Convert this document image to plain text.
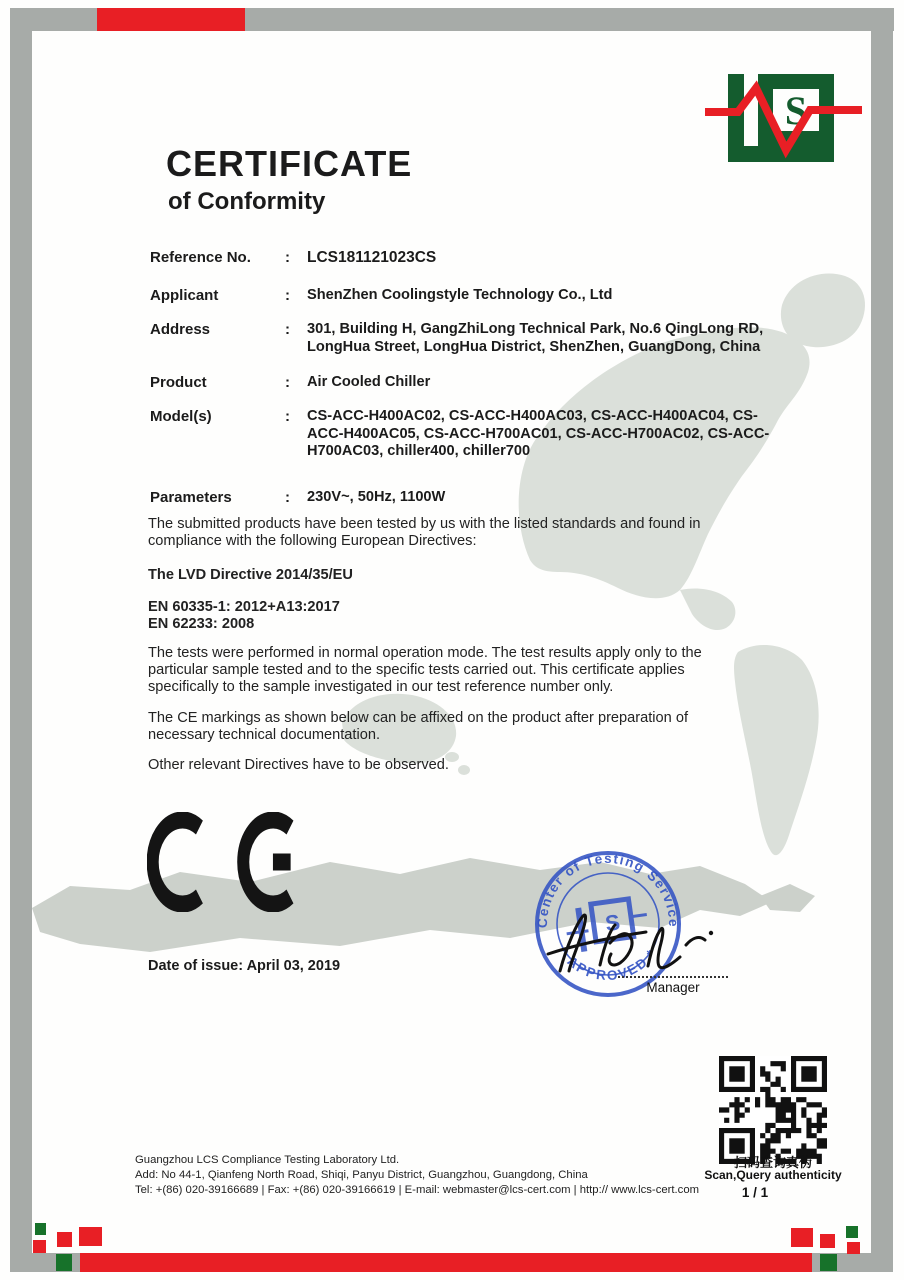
S
CERTIFICATE
of Conformity
Reference No.	:	LCS181121023CS
Applicant	:	ShenZhen Coolingstyle Technology Co., Ltd
Address	:	301, Building H, GangZhiLong Technical Park, No.6 QingLong RD, LongHua Street, LongHua District, ShenZhen, GuangDong, China
Product	:	Air Cooled Chiller
Model(s)	:	CS-ACC-H400AC02, CS-ACC-H400AC03, CS-ACC-H400AC04, CS-ACC-H400AC05, CS-ACC-H700AC01, CS-ACC-H700AC02, CS-ACC-H700AC03, chiller400, chiller700
Parameters	:	230V~, 50Hz, 1100W
The submitted products have been tested by us with the listed standards and found in compliance with the following European Directives:
The LVD Directive 2014/35/EU
EN 60335-1: 2012+A13:2017
EN 62233: 2008
The tests were performed in normal operation mode. The test results apply only to the particular sample tested and to the specific tests carried out. This certificate applies specifically to the sample investigated in our test reference number only.
The CE markings as shown below can be affixed on the product after preparation of necessary technical documentation.
Other relevant Directives have to be observed.
Date of issue: April 03, 2019
Center of Testing Service
* APPROVED *
S
Manager
扫码查询真伪
Scan,Query authenticity
1 / 1
Guangzhou LCS Compliance Testing Laboratory Ltd.
Add: No 44-1, Qianfeng North Road, Shiqi, Panyu District, Guangzhou, Guangdong, China
Tel: +(86) 020-39166689 | Fax: +(86) 020-39166619 | E-mail: webmaster@lcs-cert.com | http:// www.lcs-cert.com
